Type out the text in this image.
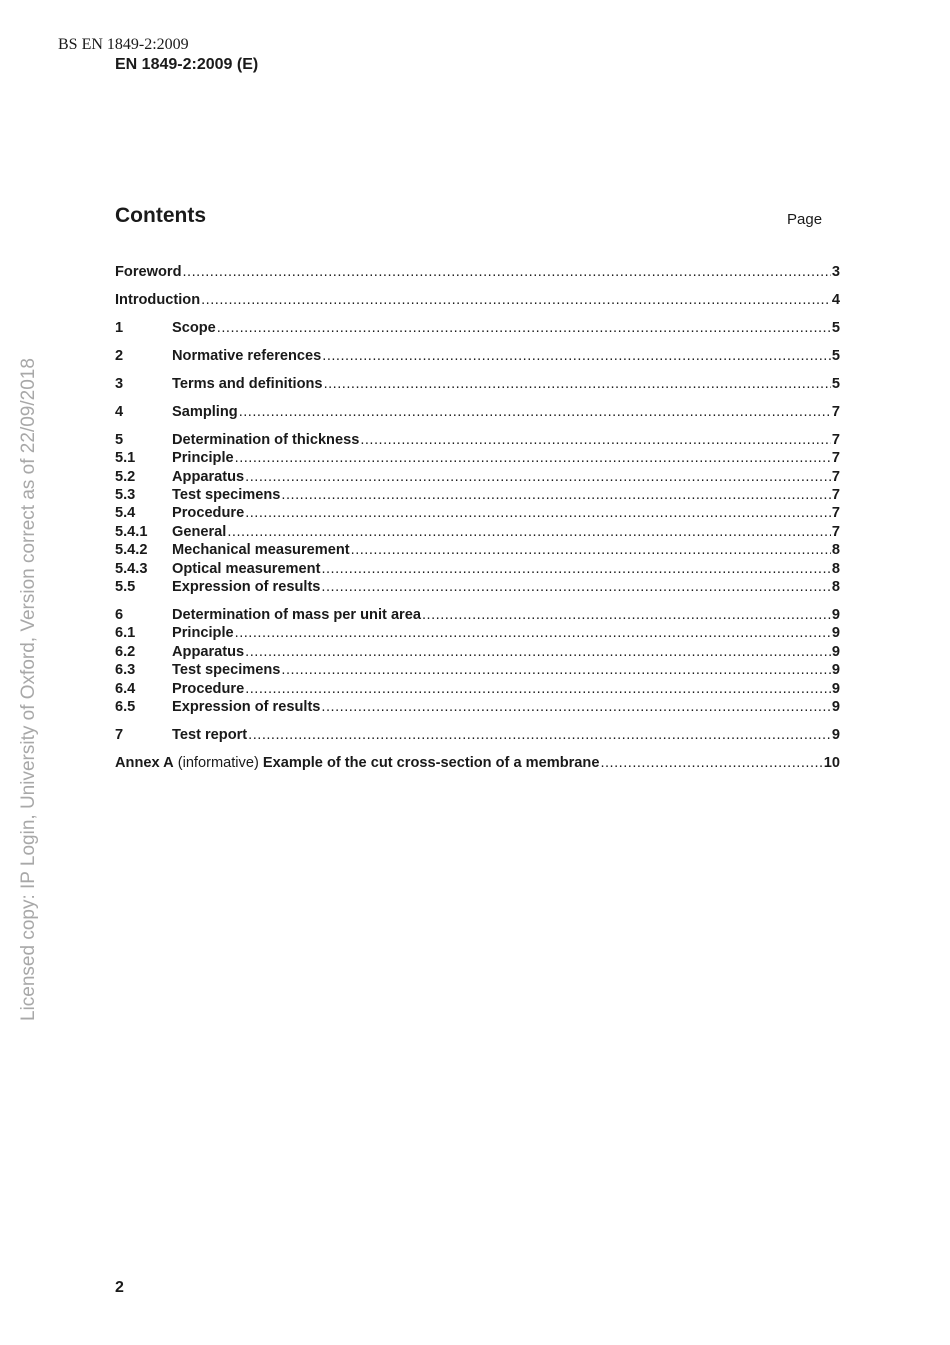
BS EN 1849-2:2009
EN 1849-2:2009 (E)
Licensed copy: IP Login, University of Oxford, Version correct as of 22/09/2018
Contents	Page
Foreword .....	3
Introduction .....	4
1	Scope .....	5
2	Normative references .....	5
3	Terms and definitions .....	5
4	Sampling .....	7
5	Determination of thickness .....	7
5.1	Principle .....	7
5.2	Apparatus .....	7
5.3	Test specimens .....	7
5.4	Procedure .....	7
5.4.1	General .....	7
5.4.2	Mechanical measurement .....	8
5.4.3	Optical measurement .....	8
5.5	Expression of results .....	8
6	Determination of mass per unit area .....	9
6.1	Principle .....	9
6.2	Apparatus .....	9
6.3	Test specimens .....	9
6.4	Procedure .....	9
6.5	Expression of results .....	9
7	Test report .....	9
Annex A (informative) Example of the cut cross-section of a membrane .....	10
2
